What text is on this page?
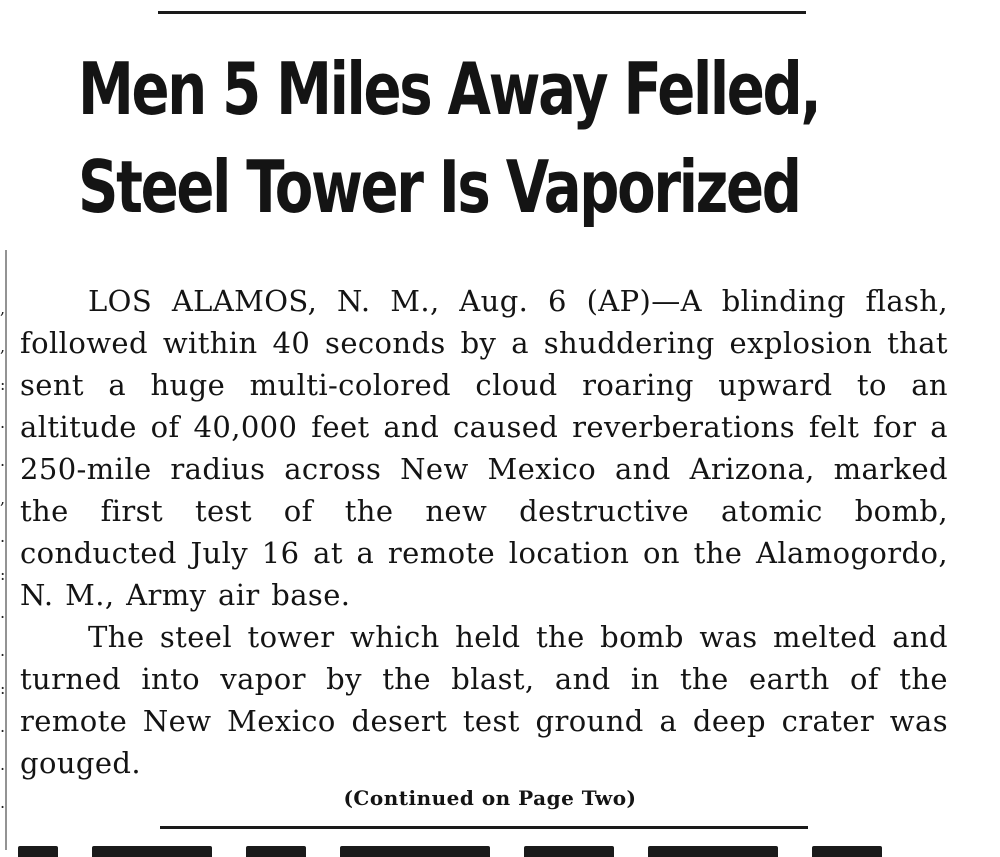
,
,
:
.
.
,
.
:
.
.
:
.
.
.
Men 5 Miles Away Felled,
Steel Tower Is Vaporized

LOS ALAMOS, N. M., Aug. 6 (AP)—A blinding flash, followed within 40 seconds by a shuddering explosion that sent a huge multi-colored cloud roaring upward to an altitude of 40,000 feet and caused reverberations felt for a 250-mile radius across New Mexico and Arizona, marked the first test of the new destructive atomic bomb, conducted July 16 at a remote location on the Alamogordo, N. M., Army air base.

The steel tower which held the bomb was melted and turned into vapor by the blast, and in the earth of the remote New Mexico desert test ground a deep crater was gouged.

(Continued on Page Two)
